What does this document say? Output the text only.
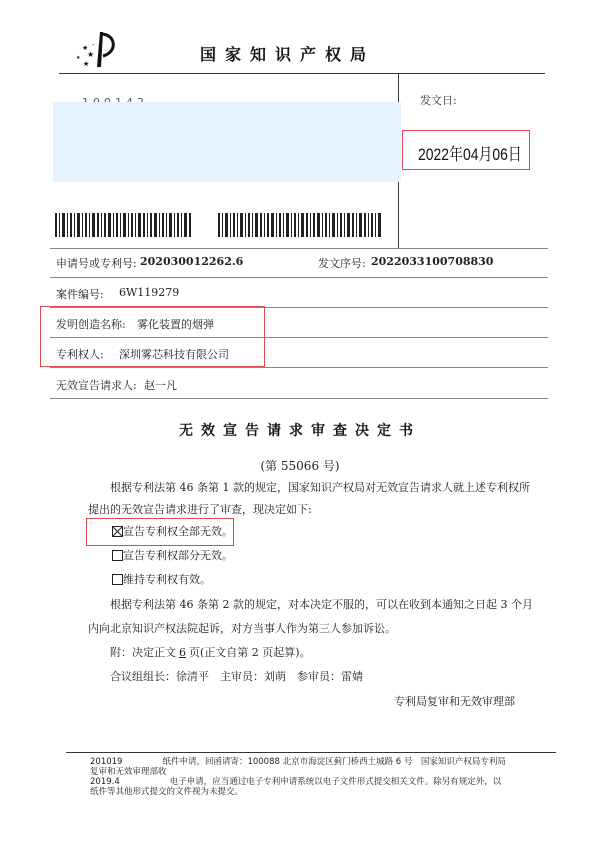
★
★
★
★
•
国家知识产权局
发文日:
2022年04月06日
申请号或专利号: 202030012262.6	发文序号: 2022033100708830
案件编号: 6W119279
发明创造名称: 雾化装置的烟弹
专利权人: 深圳雾芯科技有限公司
无效宣告请求人: 赵一凡
无效宣告请求审查决定书
(第 55066 号)
根据专利法第 46 条第 1 款的规定，国家知识产权局对无效宣告请求人就上述专利权所
提出的无效宣告请求进行了审查，现决定如下:
宣告专利权全部无效。
宣告专利权部分无效。
维持专利权有效。
根据专利法第 46 条第 2 款的规定，对本决定不服的，可以在收到本通知之日起 3 个月
内向北京知识产权法院起诉，对方当事人作为第三人参加诉讼。
附：决定正文 6 页(正文自第 2 页起算)。
合议组组长：徐清平　主审员：刘萌　参审员：雷婧
专利局复审和无效审理部
201019	纸件申请，回函请寄：100088 北京市海淀区蓟门桥西土城路 6 号　国家知识产权局专利局
复审和无效审理部收
2019.4	电子申请，应当通过电子专利申请系统以电子文件形式提交相关文件。除另有规定外，以
纸件等其他形式提交的文件视为未提交。
